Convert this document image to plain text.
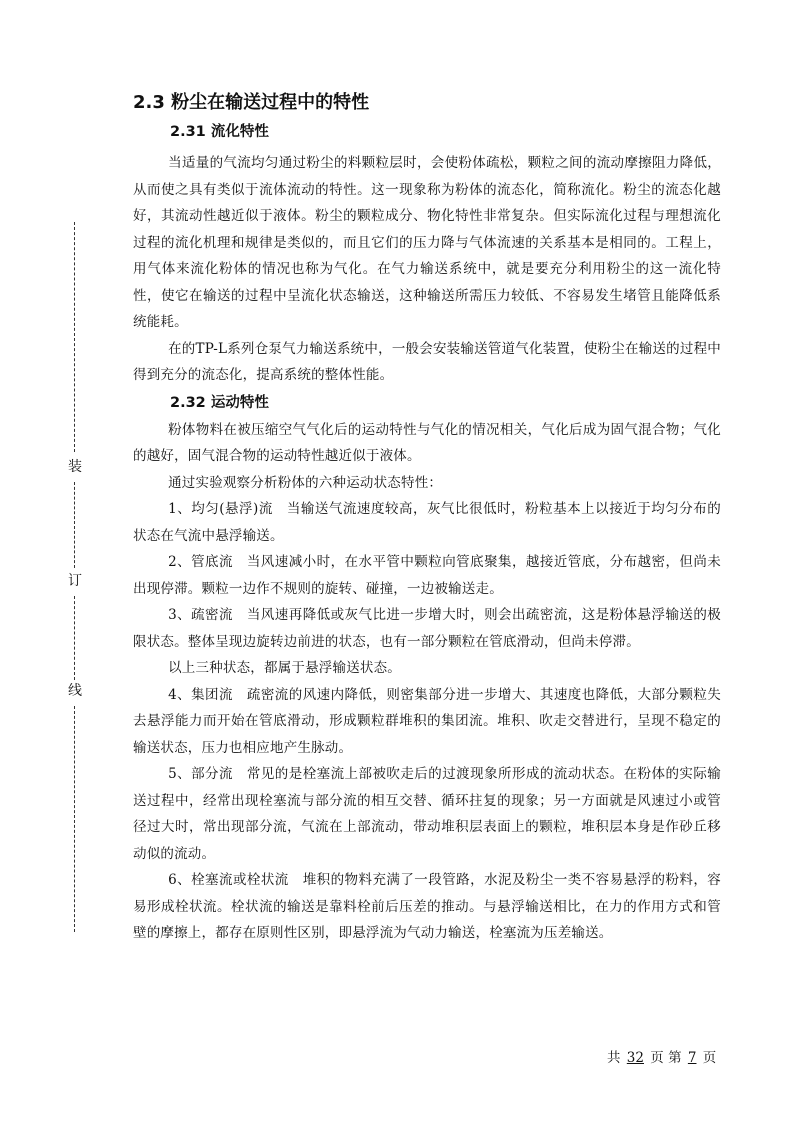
装
订
线
2.3 粉尘在输送过程中的特性
2.31 流化特性

当适量的气流均匀通过粉尘的料颗粒层时，会使粉体疏松，颗粒之间的流动摩擦阻力降低，从而使之具有类似于流体流动的特性。这一现象称为粉体的流态化，简称流化。粉尘的流态化越好，其流动性越近似于液体。粉尘的颗粒成分、物化特性非常复杂。但实际流化过程与理想流化过程的流化机理和规律是类似的，而且它们的压力降与气体流速的关系基本是相同的。工程上，用气体来流化粉体的情况也称为气化。在气力输送系统中，就是要充分利用粉尘的这一流化特性，使它在输送的过程中呈流化状态输送，这种输送所需压力较低、不容易发生堵管且能降低系统能耗。

在的TP-L系列仓泵气力输送系统中，一般会安装输送管道气化装置，使粉尘在输送的过程中得到充分的流态化，提高系统的整体性能。

2.32 运动特性

粉体物料在被压缩空气气化后的运动特性与气化的情况相关，气化后成为固气混合物；气化的越好，固气混合物的运动特性越近似于液体。

通过实验观察分析粉体的六种运动状态特性：

1、均匀(悬浮)流　当输送气流速度较高，灰气比很低时，粉粒基本上以接近于均匀分布的状态在气流中悬浮输送。

2、管底流　当风速减小时，在水平管中颗粒向管底聚集，越接近管底，分布越密，但尚未出现停滞。颗粒一边作不规则的旋转、碰撞，一边被输送走。

3、疏密流　当风速再降低或灰气比进一步增大时，则会出疏密流，这是粉体悬浮输送的极限状态。整体呈现边旋转边前进的状态，也有一部分颗粒在管底滑动，但尚未停滞。

以上三种状态，都属于悬浮输送状态。

4、集团流　疏密流的风速内降低，则密集部分进一步增大、其速度也降低，大部分颗粒失去悬浮能力而开始在管底滑动，形成颗粒群堆积的集团流。堆积、吹走交替进行，呈现不稳定的输送状态，压力也相应地产生脉动。

5、部分流　常见的是栓塞流上部被吹走后的过渡现象所形成的流动状态。在粉体的实际输送过程中，经常出现栓塞流与部分流的相互交替、循环拄复的现象；另一方面就是风速过小或管径过大时，常出现部分流，气流在上部流动，带动堆积层表面上的颗粒，堆积层本身是作砂丘移动似的流动。

6、栓塞流或栓状流　堆积的物料充满了一段管路，水泥及粉尘一类不容易悬浮的粉料，容易形成栓状流。栓状流的输送是靠料栓前后压差的推动。与悬浮输送相比，在力的作用方式和管壁的摩擦上，都存在原则性区别，即悬浮流为气动力输送，栓塞流为压差输送。

共 32 页 第 7 页
